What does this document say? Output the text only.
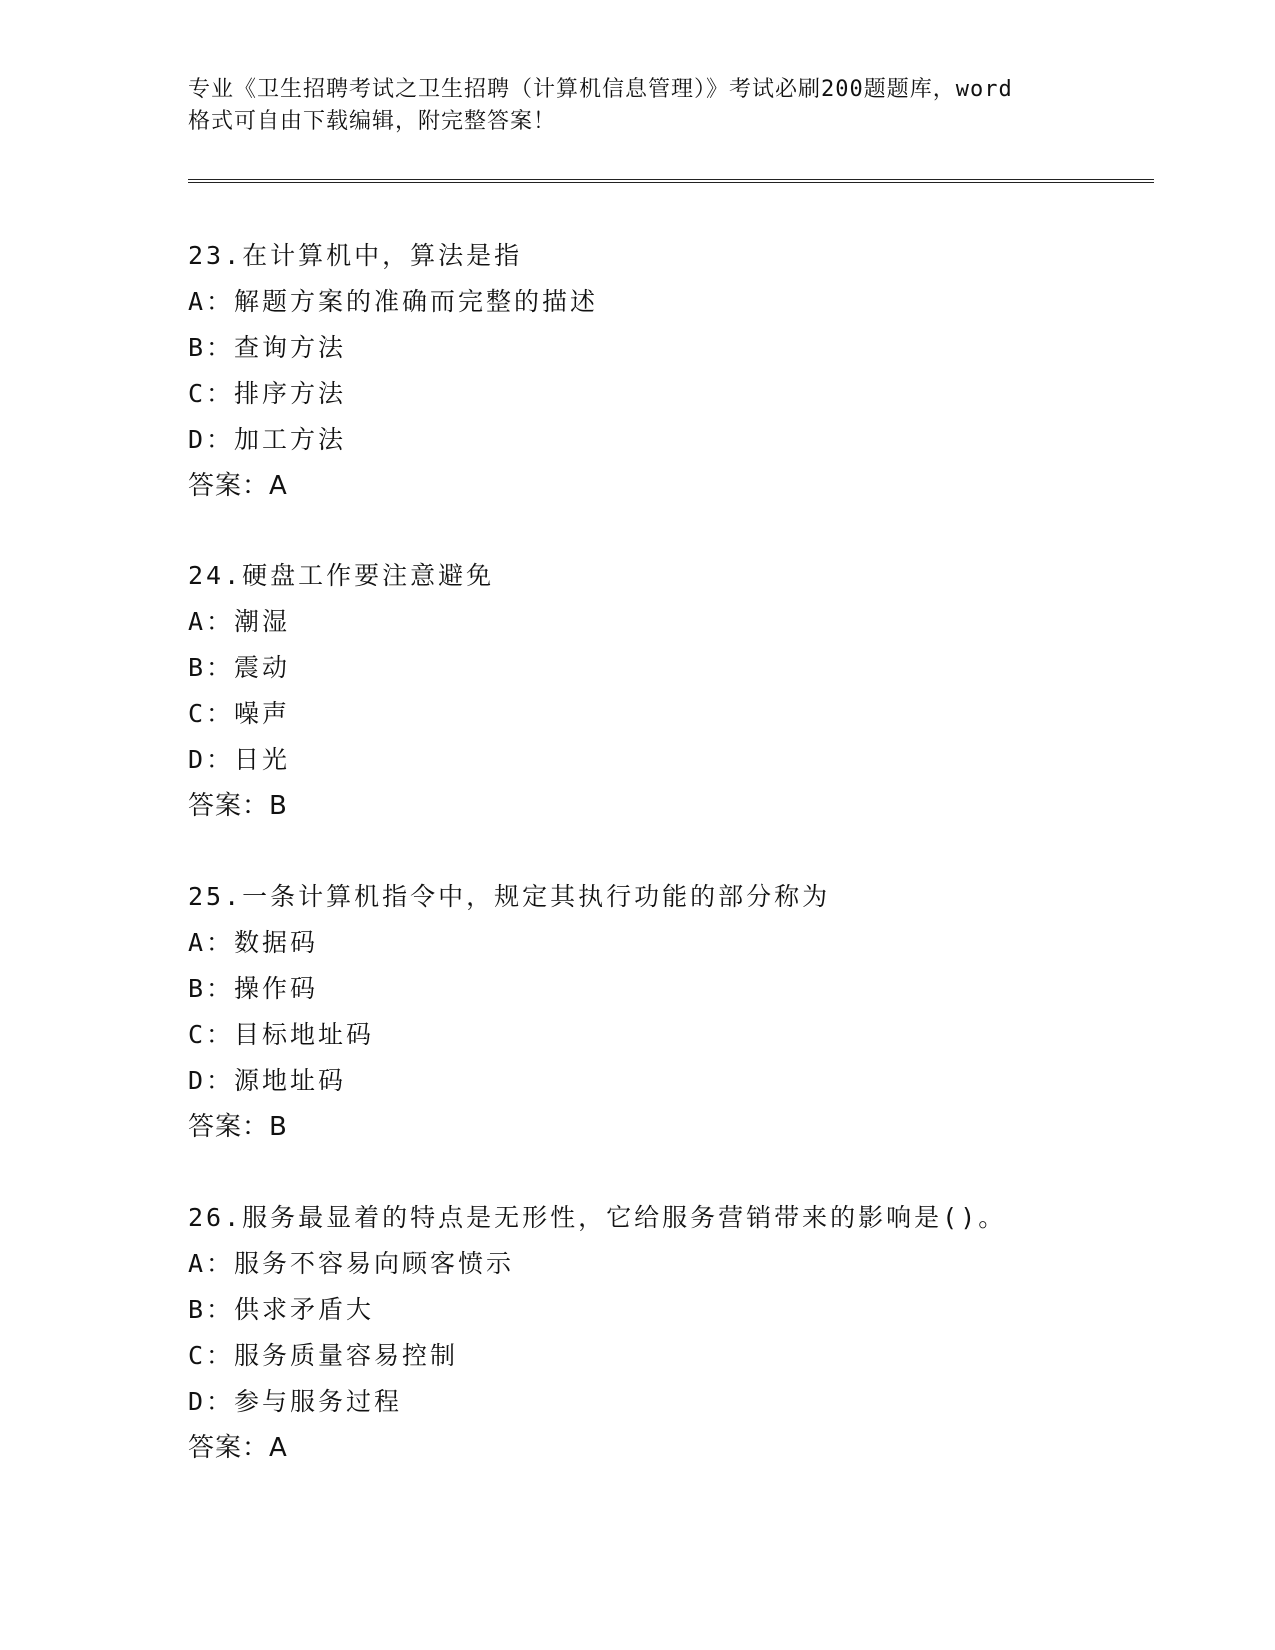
专业《卫生招聘考试之卫生招聘（计算机信息管理）》考试必刷200题题库，word
格式可自由下载编辑，附完整答案！
23.在计算机中，算法是指
A：解题方案的准确而完整的描述
B：查询方法
C：排序方法
D：加工方法
答案：A
24.硬盘工作要注意避免
A：潮湿
B：震动
C：噪声
D：日光
答案：B
25.一条计算机指令中，规定其执行功能的部分称为
A：数据码
B：操作码
C：目标地址码
D：源地址码
答案：B
26.服务最显着的特点是无形性，它给服务营销带来的影响是()。
A：服务不容易向顾客愤示
B：供求矛盾大
C：服务质量容易控制
D：参与服务过程
答案：A
